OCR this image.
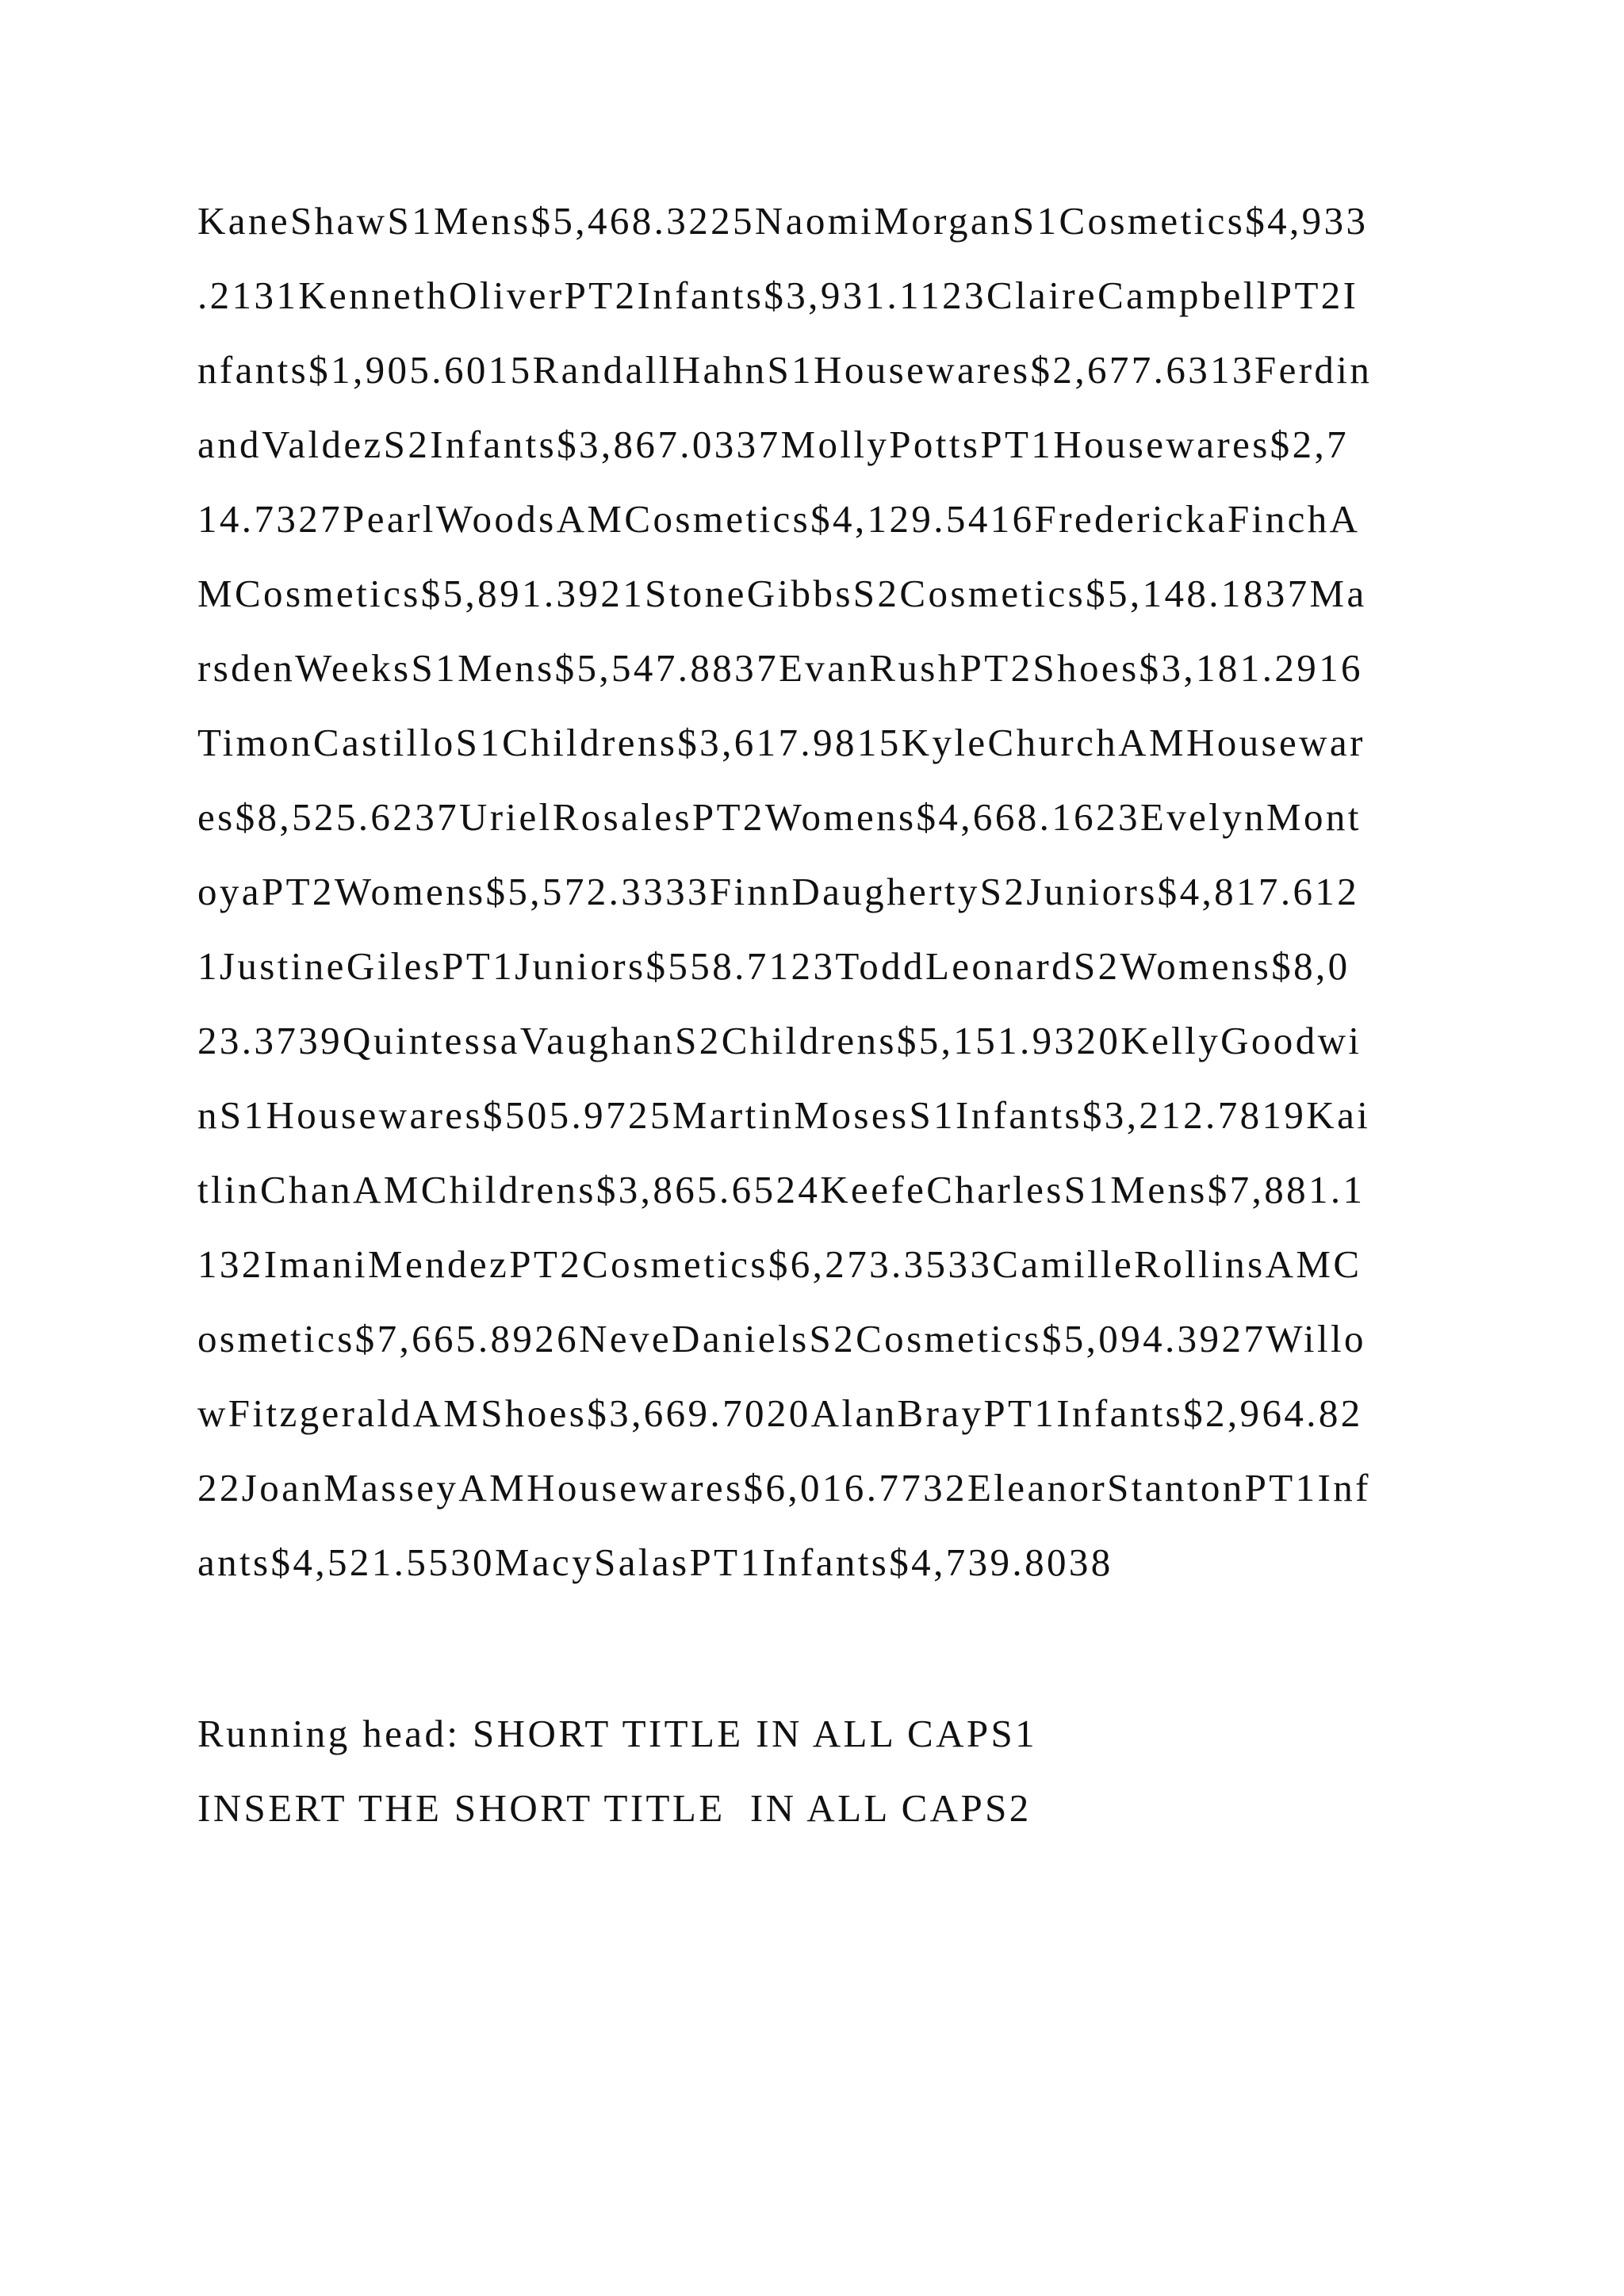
KaneShawS1Mens$5,468.3225NaomiMorganS1Cosmetics$4,933
.2131KennethOliverPT2Infants$3,931.1123ClaireCampbellPT2I
nfants$1,905.6015RandallHahnS1Housewares$2,677.6313Ferdin
andValdezS2Infants$3,867.0337MollyPottsPT1Housewares$2,7
14.7327PearlWoodsAMCosmetics$4,129.5416FrederickaFinchA
MCosmetics$5,891.3921StoneGibbsS2Cosmetics$5,148.1837Ma
rsdenWeeksS1Mens$5,547.8837EvanRushPT2Shoes$3,181.2916
TimonCastilloS1Childrens$3,617.9815KyleChurchAMHousewar
es$8,525.6237UrielRosalesPT2Womens$4,668.1623EvelynMont
oyaPT2Womens$5,572.3333FinnDaughertyS2Juniors$4,817.612
1JustineGilesPT1Juniors$558.7123ToddLeonardS2Womens$8,0
23.3739QuintessaVaughanS2Childrens$5,151.9320KellyGoodwi
nS1Housewares$505.9725MartinMosesS1Infants$3,212.7819Kai
tlinChanAMChildrens$3,865.6524KeefeCharlesS1Mens$7,881.1
132ImaniMendezPT2Cosmetics$6,273.3533CamilleRollinsAMC
osmetics$7,665.8926NeveDanielsS2Cosmetics$5,094.3927Willo
wFitzgeraldAMShoes$3,669.7020AlanBrayPT1Infants$2,964.82
22JoanMasseyAMHousewares$6,016.7732EleanorStantonPT1Inf
ants$4,521.5530MacySalasPT1Infants$4,739.8038
Running head: SHORT TITLE IN ALL CAPS1
INSERT THE SHORT TITLE  IN ALL CAPS2
